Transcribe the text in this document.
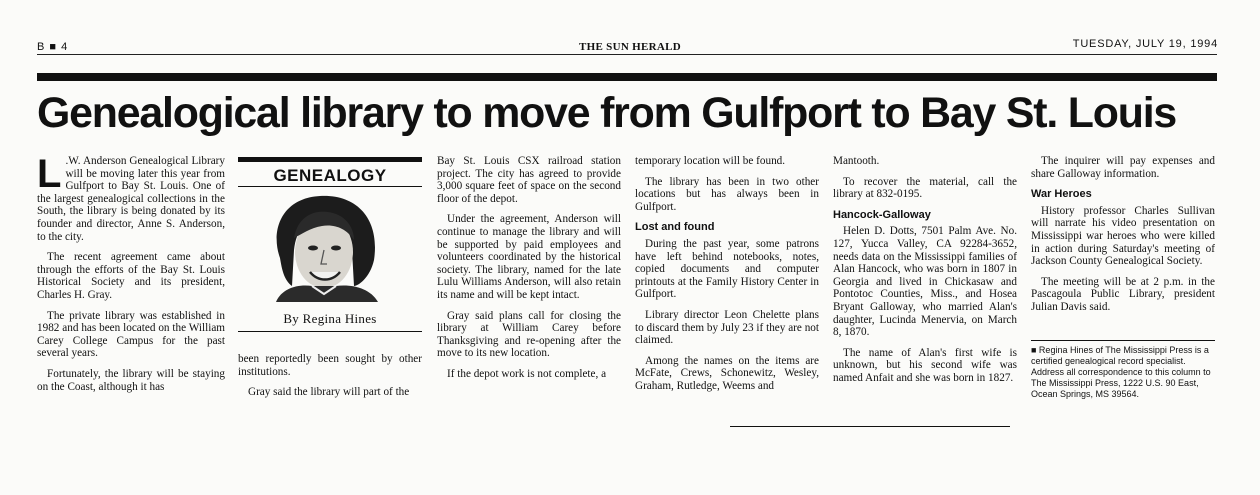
B ■ 4	THE SUN HERALD	TUESDAY, JULY 19, 1994
Genealogical library to move from Gulfport to Bay St. Louis

L .W. Anderson Genealogical Library will be moving later this year from Gulfport to Bay St. Louis. One of the largest genealogical collections in the South, the library is being donated by its founder and director, Anne S. Anderson, to the city.

The recent agreement came about through the efforts of the Bay St. Louis Historical Society and its president, Charles H. Gray.

The private library was established in 1982 and has been located on the William Carey College Campus for the past several years.

Fortunately, the library will be staying on the Coast, although it has

GENEALOGY
By Regina Hines

been reportedly been sought by other institutions.

Gray said the library will part of the

Bay St. Louis CSX railroad station project. The city has agreed to provide 3,000 square feet of space on the second floor of the depot.

Under the agreement, Anderson will continue to manage the library and will be supported by paid employees and volunteers coordinated by the historical society. The library, named for the late Lulu Williams Anderson, will also retain its name and will be kept intact.

Gray said plans call for closing the library at William Carey before Thanksgiving and re-opening after the move to its new location.

If the depot work is not complete, a

temporary location will be found.

The library has been in two other locations but has always been in Gulfport.

Lost and found

During the past year, some patrons have left behind notebooks, notes, copied documents and computer printouts at the Family History Center in Gulfport.

Library director Leon Chelette plans to discard them by July 23 if they are not claimed.

Among the names on the items are McFate, Crews, Schonewitz, Wesley, Graham, Rutledge, Weems and

Mantooth.

To recover the material, call the library at 832-0195.

Hancock-Galloway

Helen D. Dotts, 7501 Palm Ave. No. 127, Yucca Valley, CA 92284-3652, needs data on the Mississippi families of Alan Hancock, who was born in 1807 in Georgia and lived in Chickasaw and Pontotoc Counties, Miss., and Hosea Bryant Galloway, who married Alan's daughter, Lucinda Menervia, on March 8, 1870.

The name of Alan's first wife is unknown, but his second wife was named Anfait and she was born in 1827.

The inquirer will pay expenses and share Galloway information.

War Heroes

History professor Charles Sullivan will narrate his video presentation on Mississippi war heroes who were killed in action during Saturday's meeting of Jackson County Genealogical Society.

The meeting will be at 2 p.m. in the Pascagoula Public Library, president Julian Davis said.

■ Regina Hines of The Mississippi Press is a certified genealogical record specialist. Address all correspondence to this column to The Mississippi Press, 1222 U.S. 90 East, Ocean Springs, MS 39564.
